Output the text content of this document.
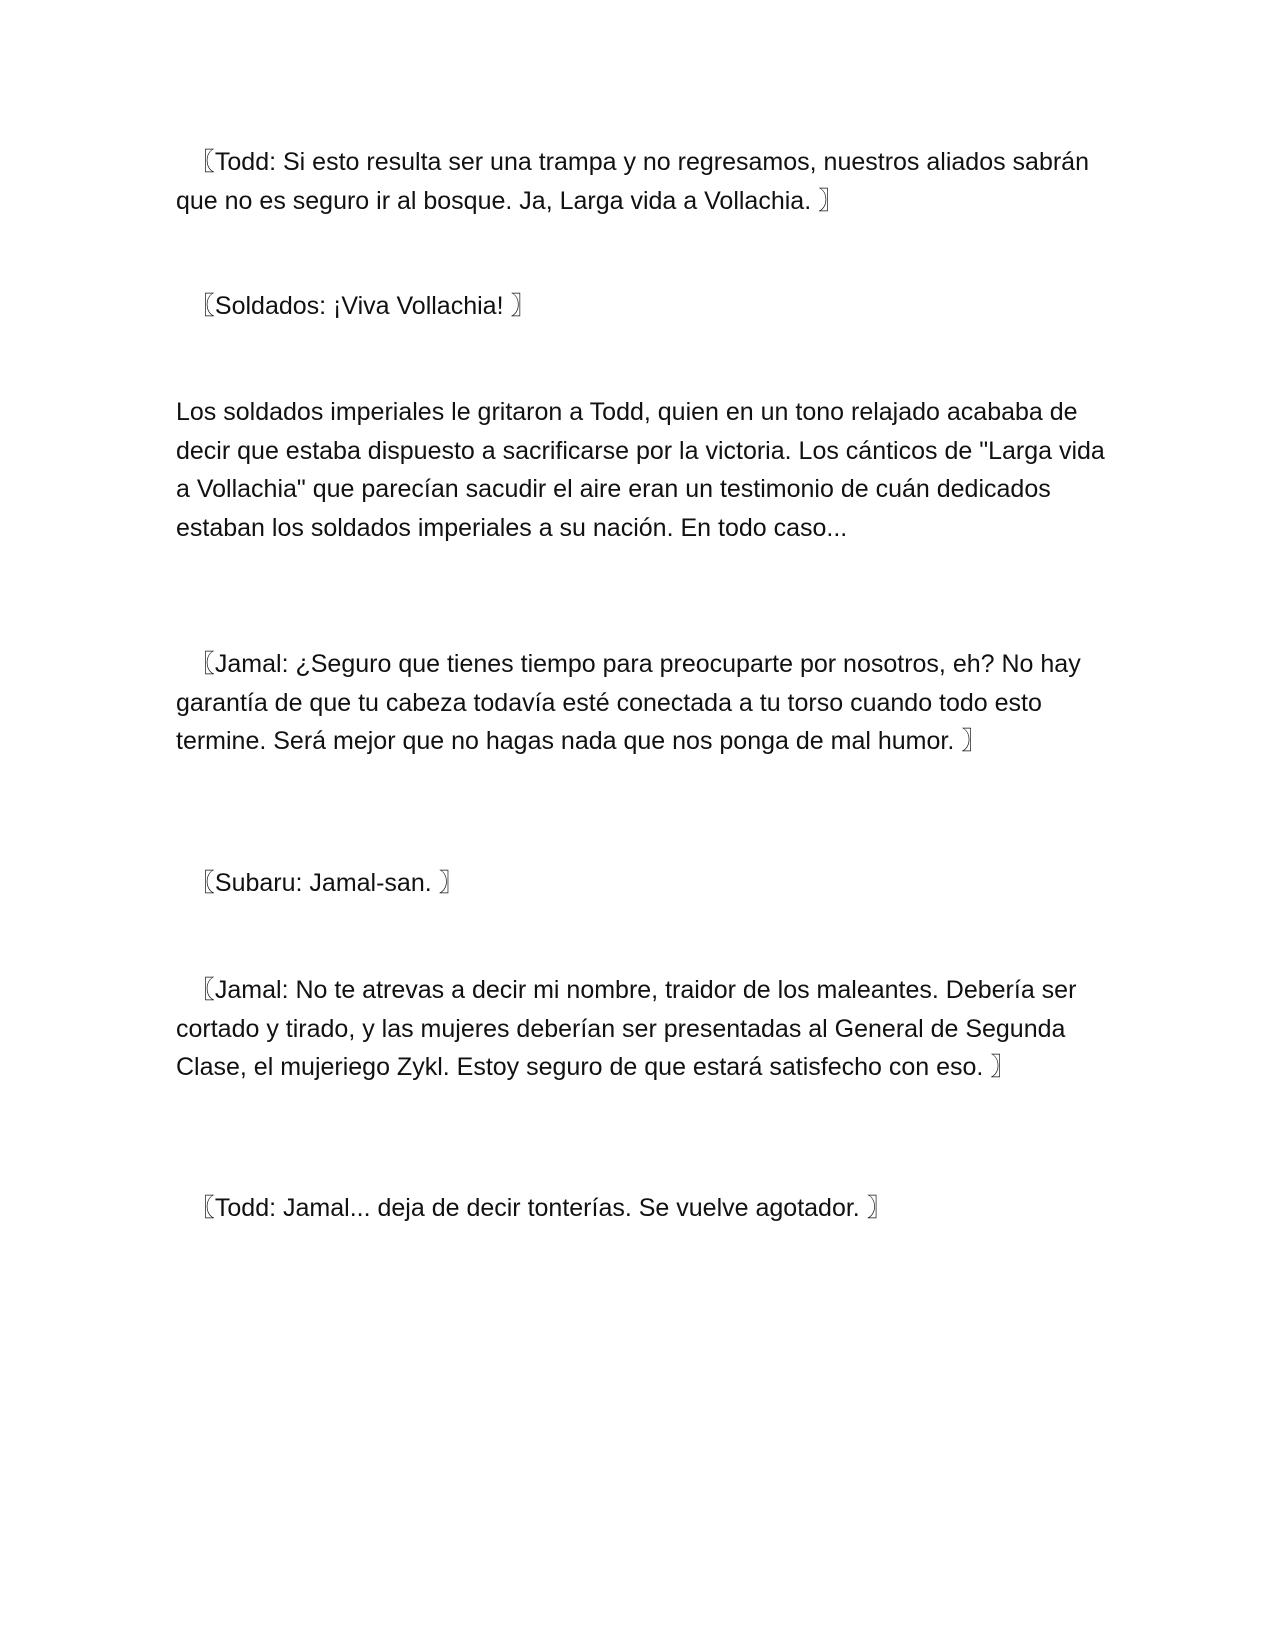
〖Todd: Si esto resulta ser una trampa y no regresamos, nuestros aliados sabrán que no es seguro ir al bosque. Ja, Larga vida a Vollachia. 〗

〖Soldados: ¡Viva Vollachia! 〗

Los soldados imperiales le gritaron a Todd, quien en un tono relajado acababa de decir que estaba dispuesto a sacrificarse por la victoria. Los cánticos de "Larga vida a Vollachia" que parecían sacudir el aire eran un testimonio de cuán dedicados estaban los soldados imperiales a su nación. En todo caso...

〖Jamal: ¿Seguro que tienes tiempo para preocuparte por nosotros, eh? No hay garantía de que tu cabeza todavía esté conectada a tu torso cuando todo esto termine. Será mejor que no hagas nada que nos ponga de mal humor. 〗

〖Subaru: Jamal-san. 〗

〖Jamal: No te atrevas a decir mi nombre, traidor de los maleantes. Debería ser cortado y tirado, y las mujeres deberían ser presentadas al General de Segunda Clase, el mujeriego Zykl. Estoy seguro de que estará satisfecho con eso. 〗

〖Todd: Jamal... deja de decir tonterías. Se vuelve agotador. 〗
